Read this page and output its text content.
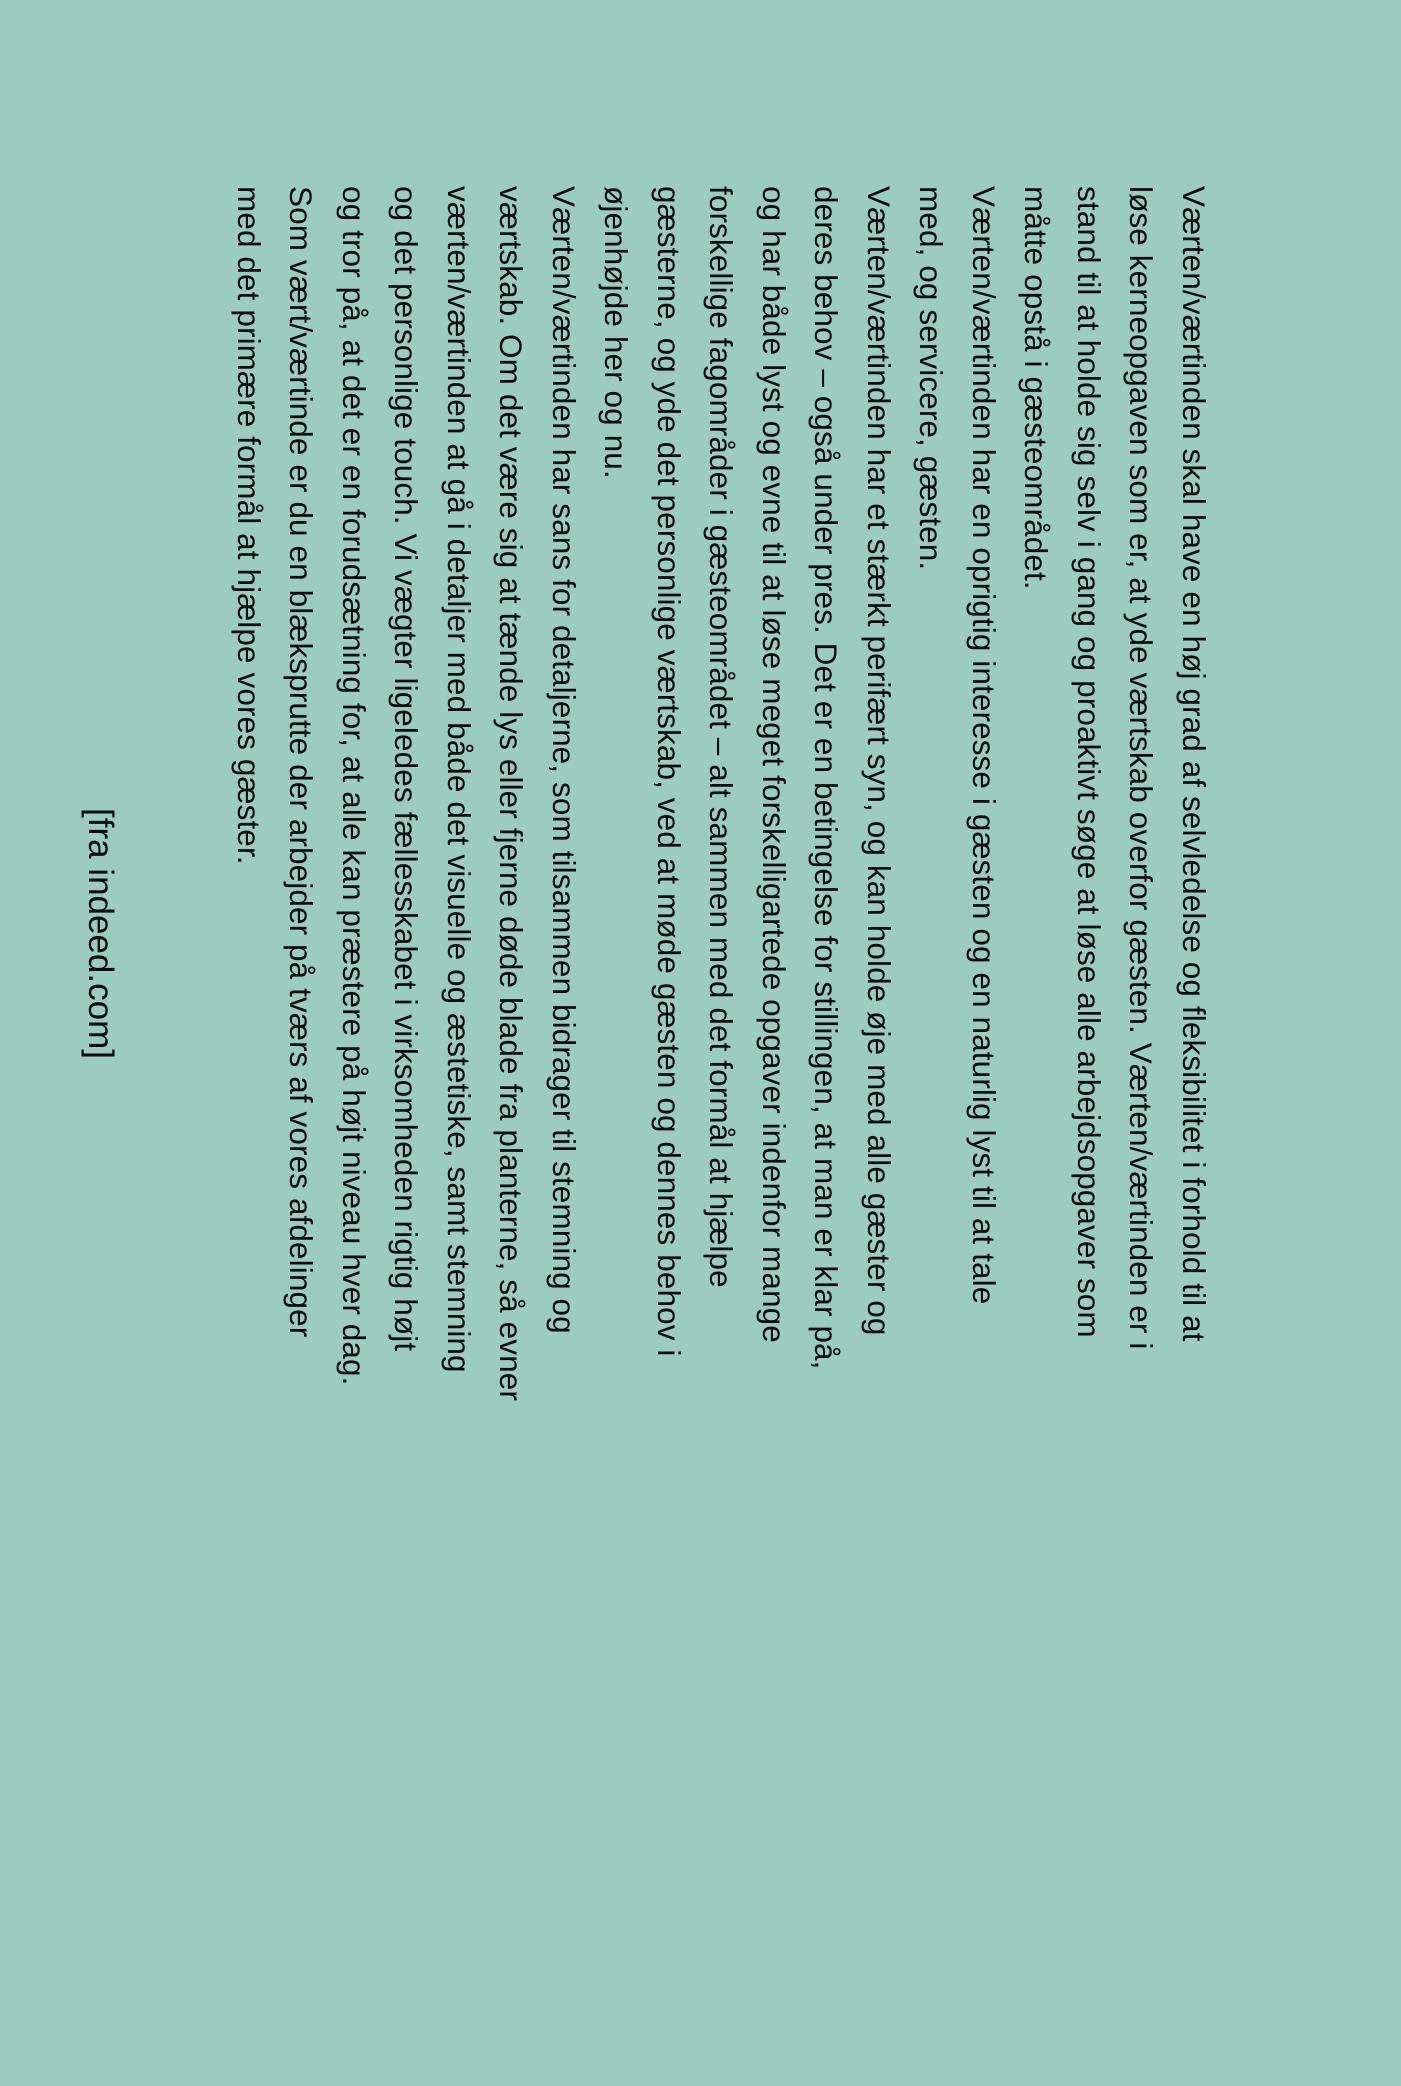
Værten/værtinden skal have en høj grad af selvledelse og fleksibilitet i forhold til at
løse kerneopgaven som er, at yde værtskab overfor gæsten. Værten/værtinden er i
stand til at holde sig selv i gang og proaktivt søge at løse alle arbejdsopgaver som
måtte opstå i gæsteområdet.

Værten/værtinden har en oprigtig interesse i gæsten og en naturlig lyst til at tale
med, og servicere, gæsten.

Værten/værtinden har et stærkt perifært syn, og kan holde øje med alle gæster og
deres behov – også under pres. Det er en betingelse for stillingen, at man er klar på,
og har både lyst og evne til at løse meget forskelligartede opgaver indenfor mange
forskellige fagområder i gæsteområdet – alt sammen med det formål at hjælpe
gæsterne, og yde det personlige værtskab, ved at møde gæsten og dennes behov i
øjenhøjde her og nu.

Værten/værtinden har sans for detaljerne, som tilsammen bidrager til stemning og
værtskab. Om det være sig at tænde lys eller fjerne døde blade fra planterne, så evner
værten/værtinden at gå i detaljer med både det visuelle og æstetiske, samt stemning
og det personlige touch. Vi vægter ligeledes fællesskabet i virksomheden rigtig højt
og tror på, at det er en forudsætning for, at alle kan præstere på højt niveau hver dag.
Som vært/værtinde er du en blæksprutte der arbejder på tværs af vores afdelinger
med det primære formål at hjælpe vores gæster.

[fra indeed.com]
